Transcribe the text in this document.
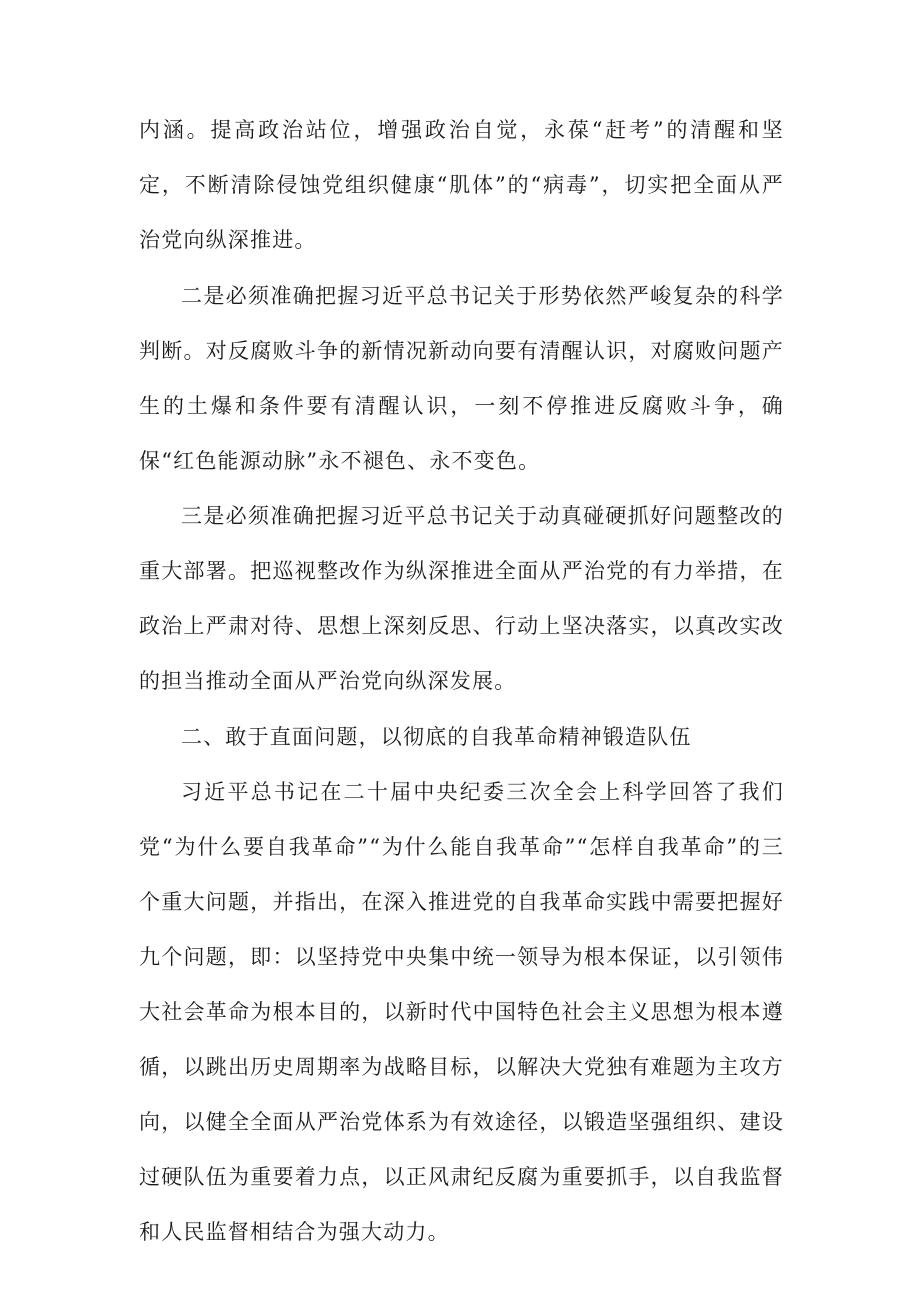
内涵。提高政治站位，增强政治自觉，永葆“赶考”的清醒和坚定，不断清除侵蚀党组织健康“肌体”的“病毒”，切实把全面从严治党向纵深推进。

二是必须准确把握习近平总书记关于形势依然严峻复杂的科学判断。对反腐败斗争的新情况新动向要有清醒认识，对腐败问题产生的土爆和条件要有清醒认识，一刻不停推进反腐败斗争，确保“红色能源动脉”永不褪色、永不变色。

三是必须准确把握习近平总书记关于动真碰硬抓好问题整改的重大部署。把巡视整改作为纵深推进全面从严治党的有力举措，在政治上严肃对待、思想上深刻反思、行动上坚决落实，以真改实改的担当推动全面从严治党向纵深发展。

二、敢于直面问题，以彻底的自我革命精神锻造队伍

习近平总书记在二十届中央纪委三次全会上科学回答了我们党“为什么要自我革命”“为什么能自我革命”“怎样自我革命”的三个重大问题，并指出，在深入推进党的自我革命实践中需要把握好九个问题，即：以坚持党中央集中统一领导为根本保证，以引领伟大社会革命为根本目的，以新时代中国特色社会主义思想为根本遵循，以跳出历史周期率为战略目标，以解决大党独有难题为主攻方向，以健全全面从严治党体系为有效途径，以锻造坚强组织、建设过硬队伍为重要着力点，以正风肃纪反腐为重要抓手，以自我监督和人民监督相结合为强大动力。
